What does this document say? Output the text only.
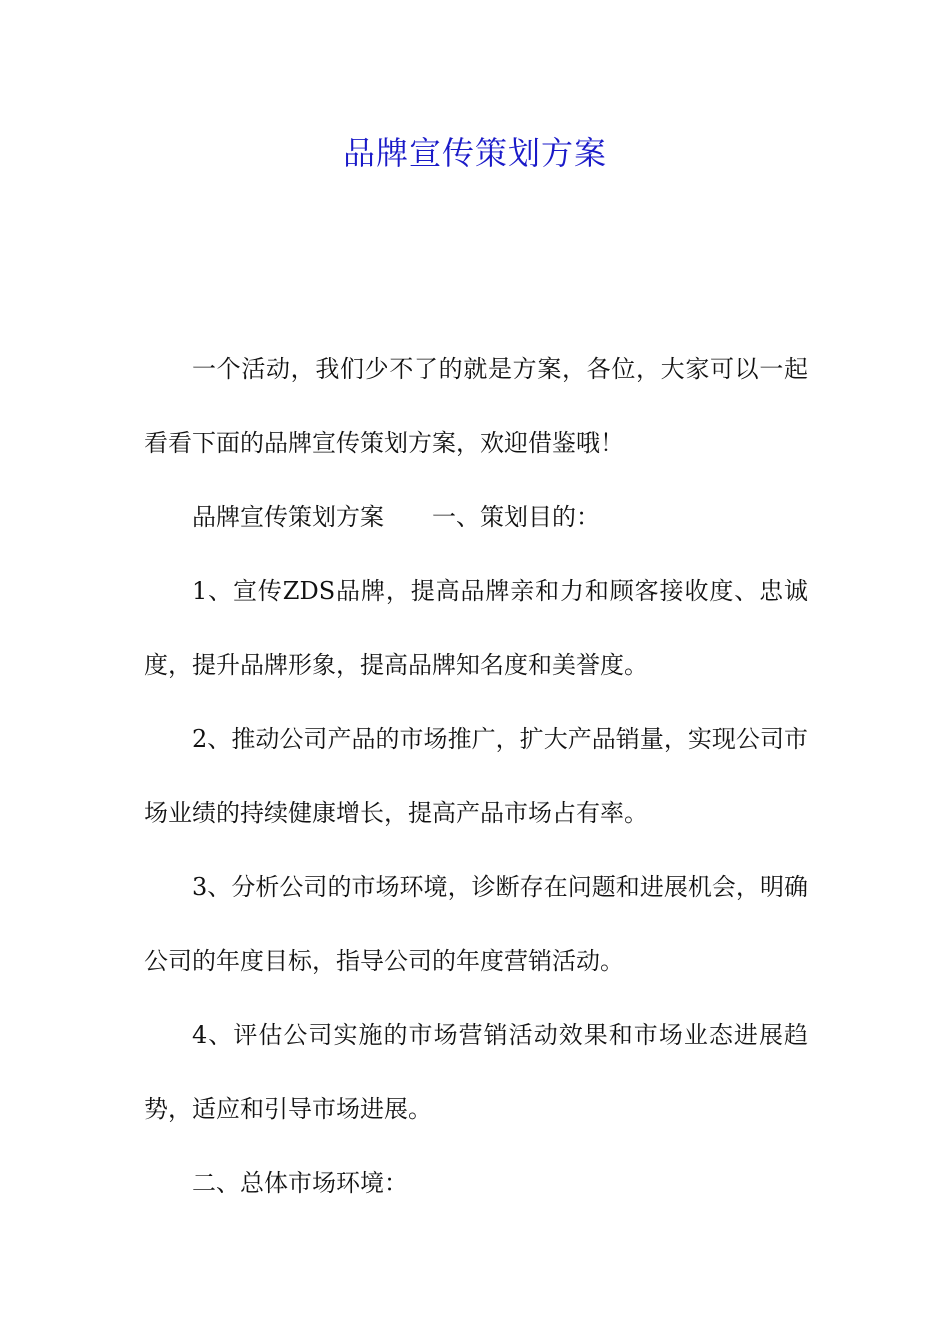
品牌宣传策划方案

一个活动，我们少不了的就是方案，各位，大家可以一起看看下面的品牌宣传策划方案，欢迎借鉴哦！

品牌宣传策划方案 一、策划目的：

1、宣传ZDS品牌，提高品牌亲和力和顾客接收度、忠诚度，提升品牌形象，提高品牌知名度和美誉度。

2、推动公司产品的市场推广，扩大产品销量，实现公司市场业绩的持续健康增长，提高产品市场占有率。

3、分析公司的市场环境，诊断存在问题和进展机会，明确公司的年度目标，指导公司的年度营销活动。

4、评估公司实施的市场营销活动效果和市场业态进展趋势，适应和引导市场进展。

二、总体市场环境：
